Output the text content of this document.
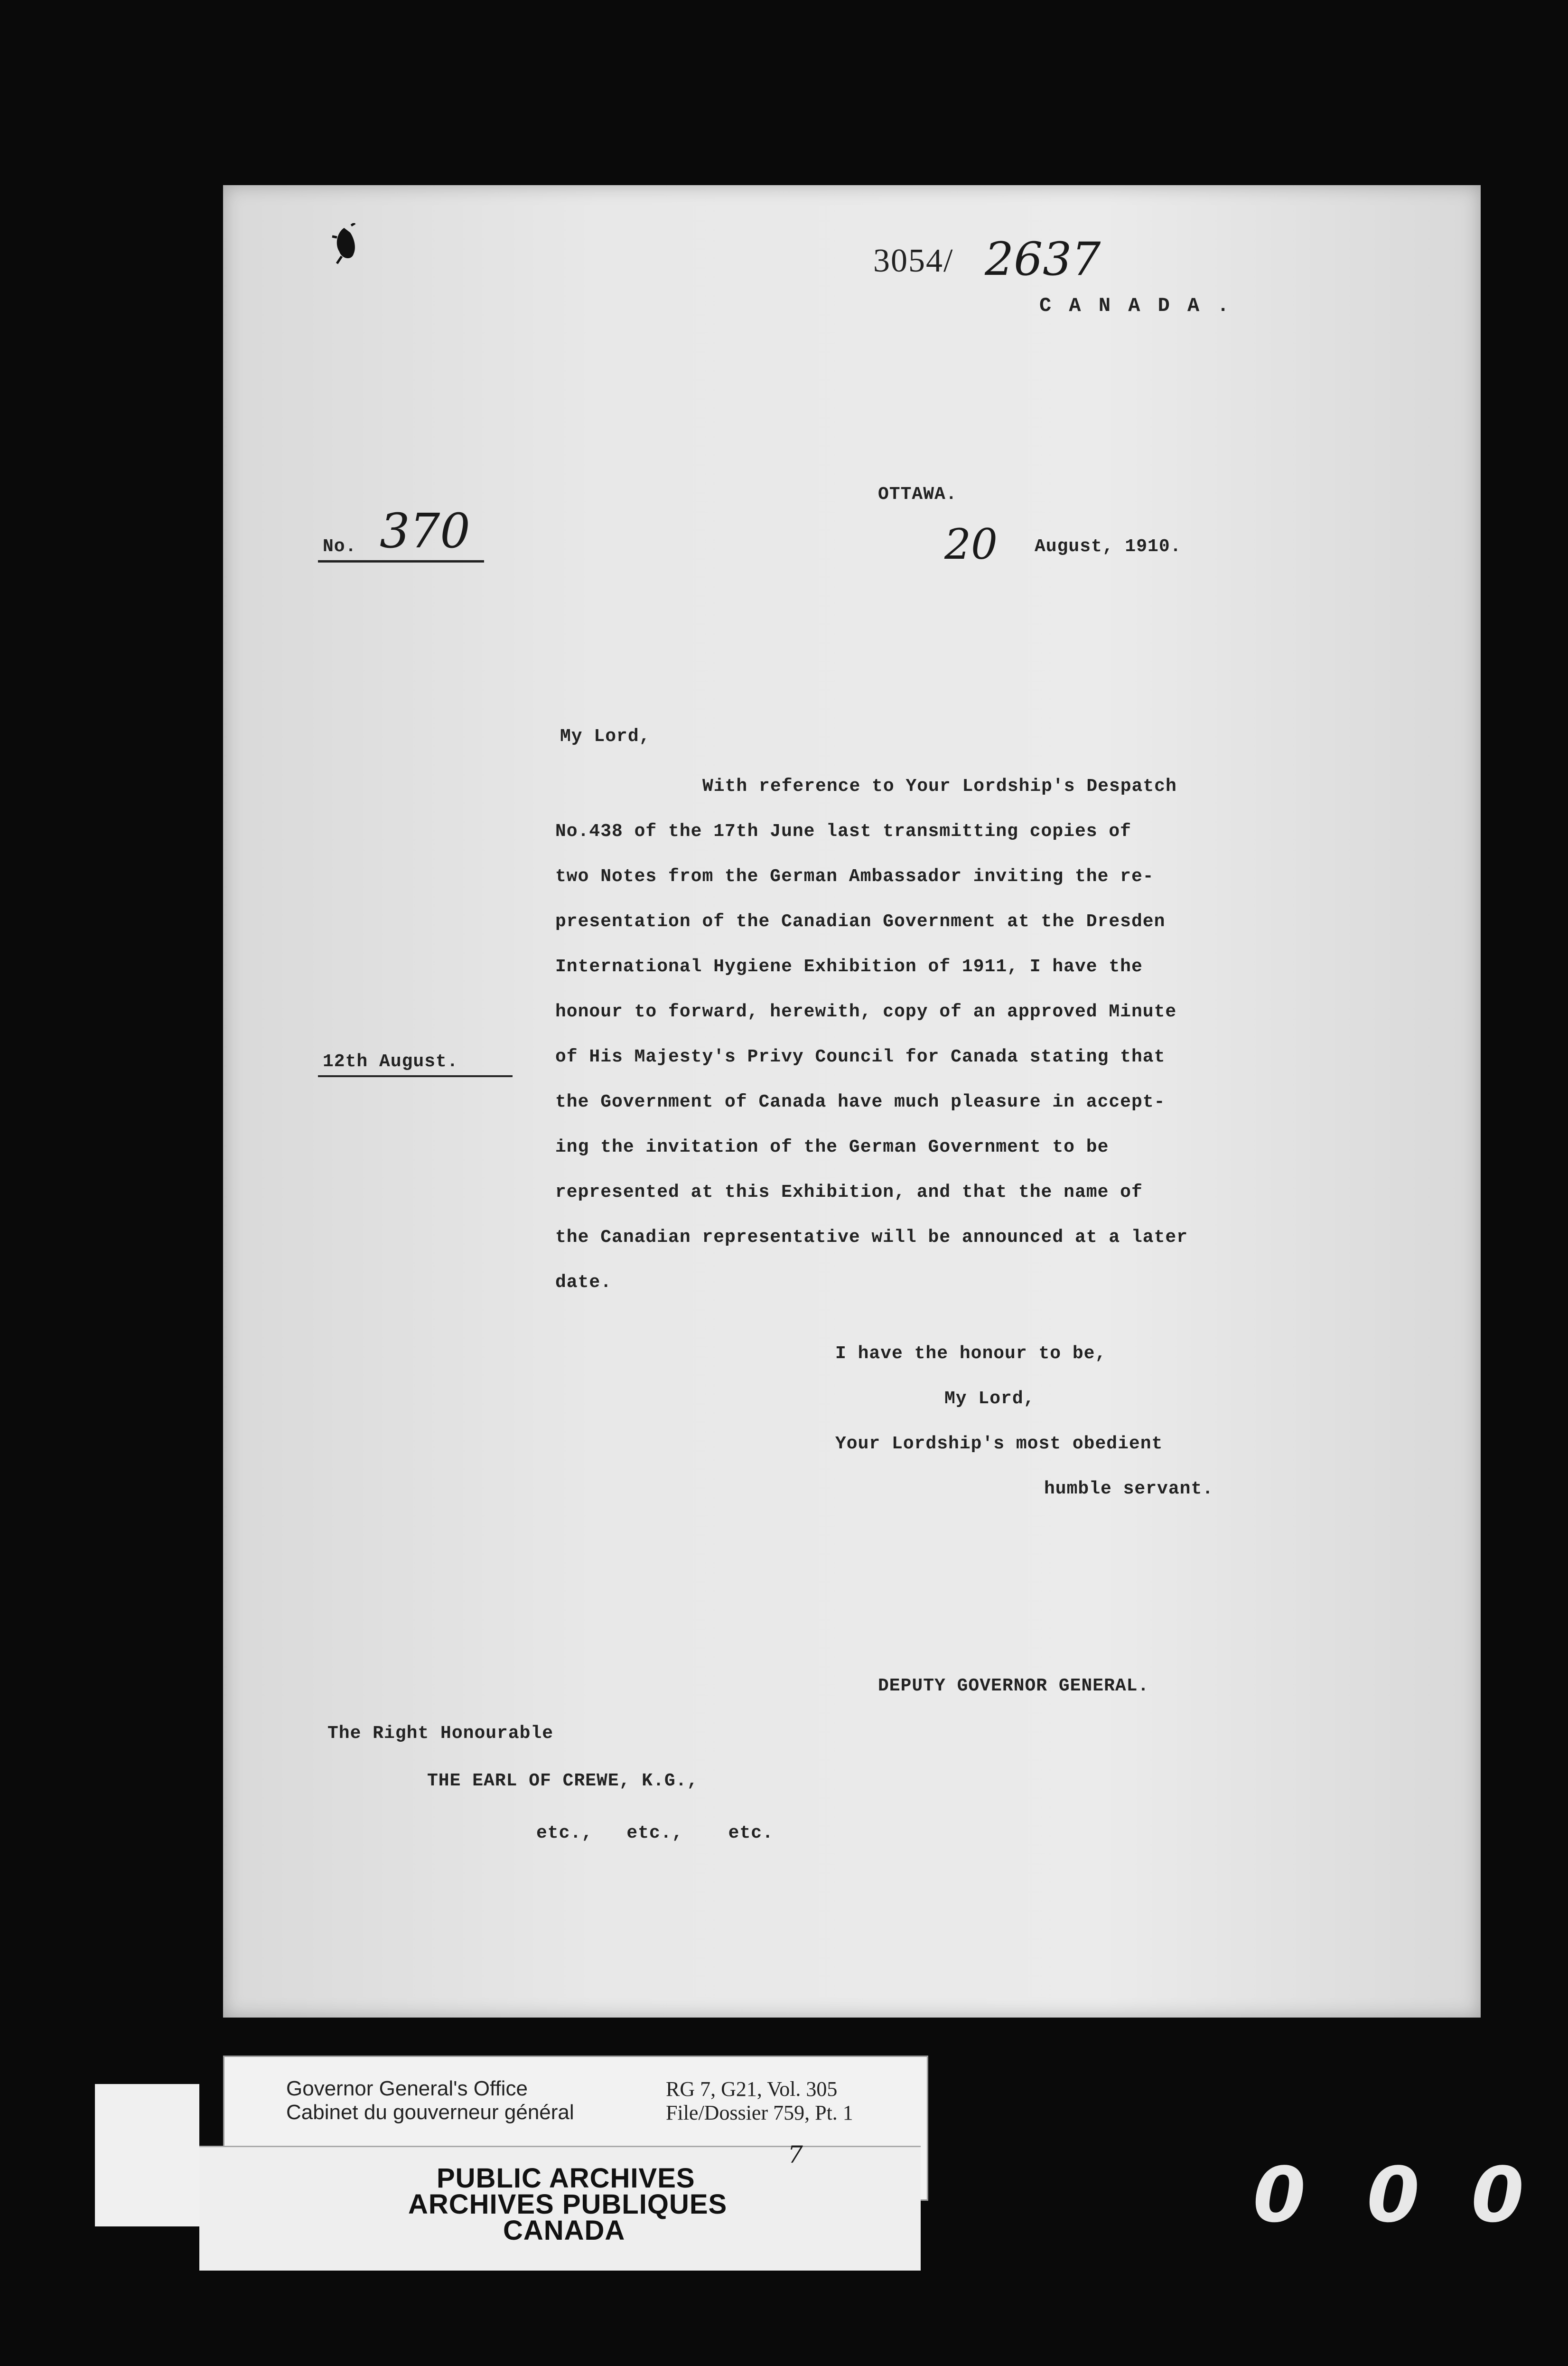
3054/ 2637
C A N A D A .
OTTAWA.
20 August, 1910.
No. 370
My Lord,
With reference to Your Lordship's Despatch
No.438 of the 17th June last transmitting copies of
two Notes from the German Ambassador inviting the re-
presentation of the Canadian Government at the Dresden
International Hygiene Exhibition of 1911, I have the
honour to forward, herewith, copy of an approved Minute
of His Majesty's Privy Council for Canada stating that
the Government of Canada have much pleasure in accept-
ing the invitation of the German Government to be
represented at this Exhibition, and that the name of
the Canadian representative will be announced at a later
date.
12th August.
I have the honour to be,
My Lord,
Your Lordship's most obedient
humble servant.
DEPUTY GOVERNOR GENERAL.
The Right Honourable
THE EARL OF CREWE, K.G.,
etc.,   etc.,    etc.
Governor General's Office
Cabinet du gouverneur général
RG 7, G21, Vol. 305
File/Dossier 759, Pt. 1
PUBLIC ARCHIVES
ARCHIVES PUBLIQUES
CANADA
7	0 0 0
